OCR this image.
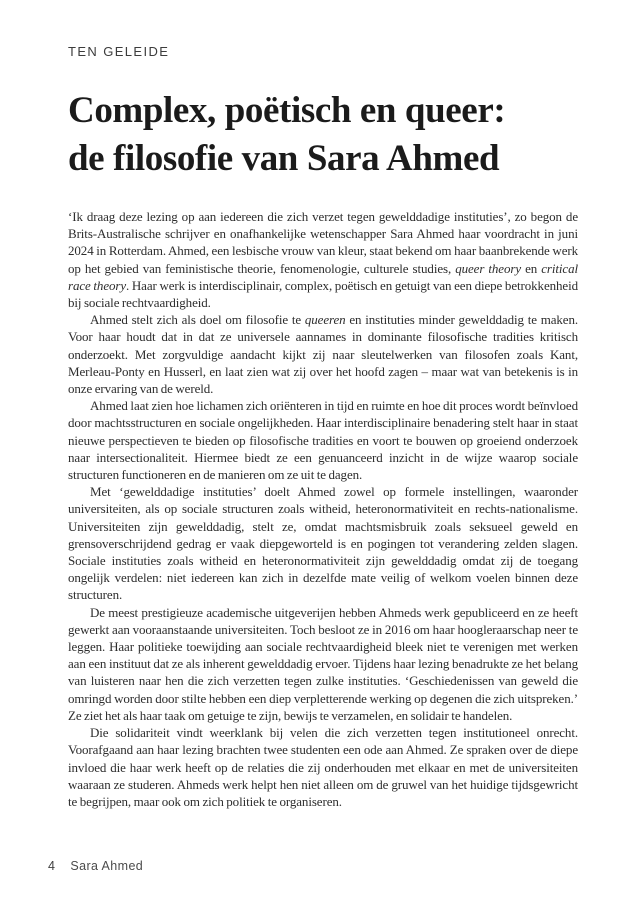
TEN GELEIDE
Complex, poëtisch en queer:
de filosofie van Sara Ahmed

‘Ik draag deze lezing op aan iedereen die zich verzet tegen gewelddadige instituties’, zo begon de Brits-Australische schrijver en onafhankelijke wetenschapper Sara Ahmed haar voordracht in juni 2024 in Rotterdam. Ahmed, een lesbische vrouw van kleur, staat bekend om haar baanbrekende werk op het gebied van feministische theorie, fenomenologie, culturele studies, queer theory en critical race theory. Haar werk is interdisciplinair, complex, poëtisch en getuigt van een diepe betrokkenheid bij sociale rechtvaardigheid.

Ahmed stelt zich als doel om filosofie te queeren en instituties minder gewelddadig te maken. Voor haar houdt dat in dat ze universele aannames in dominante filosofische tradities kritisch onderzoekt. Met zorgvuldige aandacht kijkt zij naar sleutelwerken van filosofen zoals Kant, Merleau-Ponty en Husserl, en laat zien wat zij over het hoofd zagen – maar wat van betekenis is in onze ervaring van de wereld.

Ahmed laat zien hoe lichamen zich oriënteren in tijd en ruimte en hoe dit proces wordt beïnvloed door machtsstructuren en sociale ongelijkheden. Haar interdisciplinaire benadering stelt haar in staat nieuwe perspectieven te bieden op filosofische tradities en voort te bouwen op groeiend onderzoek naar intersectionaliteit. Hiermee biedt ze een genuanceerd inzicht in de wijze waarop sociale structuren functioneren en de manieren om ze uit te dagen.

Met ‘gewelddadige instituties’ doelt Ahmed zowel op formele instellingen, waaronder universiteiten, als op sociale structuren zoals witheid, heteronormativiteit en rechts-nationalisme. Universiteiten zijn gewelddadig, stelt ze, omdat machtsmisbruik zoals seksueel geweld en grensoverschrijdend gedrag er vaak diepgeworteld is en pogingen tot verandering zelden slagen. Sociale instituties zoals witheid en heteronormativiteit zijn gewelddadig omdat zij de toegang ongelijk verdelen: niet iedereen kan zich in dezelfde mate veilig of welkom voelen binnen deze structuren.

De meest prestigieuze academische uitgeverijen hebben Ahmeds werk gepubliceerd en ze heeft gewerkt aan vooraanstaande universiteiten. Toch besloot ze in 2016 om haar hoogleraarschap neer te leggen. Haar politieke toewijding aan sociale rechtvaardigheid bleek niet te verenigen met werken aan een instituut dat ze als inherent gewelddadig ervoer. Tijdens haar lezing benadrukte ze het belang van luisteren naar hen die zich verzetten tegen zulke instituties. ‘Geschiedenissen van geweld die omringd worden door stilte hebben een diep verpletterende werking op degenen die zich uitspreken.’ Ze ziet het als haar taak om getuige te zijn, bewijs te verzamelen, en solidair te handelen.

Die solidariteit vindt weerklank bij velen die zich verzetten tegen institutioneel onrecht. Voorafgaand aan haar lezing brachten twee studenten een ode aan Ahmed. Ze spraken over de diepe invloed die haar werk heeft op de relaties die zij onderhouden met elkaar en met de universiteiten waaraan ze studeren. Ahmeds werk helpt hen niet alleen om de gruwel van het huidige tijdsgewricht te begrijpen, maar ook om zich politiek te organiseren.

4 Sara Ahmed
